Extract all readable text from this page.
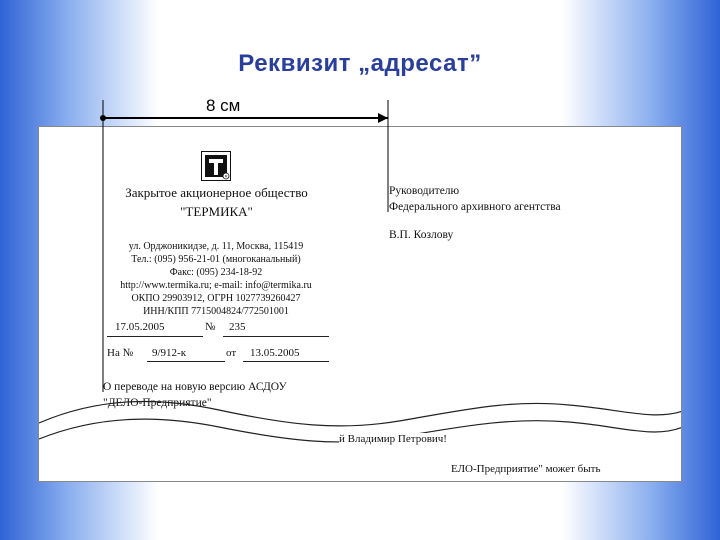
Реквизит „адресат”
R
Закрытое акционерное общество
"ТЕРМИКА"
ул. Орджоникидзе, д. 11, Москва, 115419
Тел.: (095) 956-21-01 (многоканальный)
Факс: (095) 234-18-92
http://www.termika.ru; e-mail: info@termika.ru
ОКПО 29903912, ОГРН 1027739260427
ИНН/КПП 7715004824/772501001
17.05.2005	№ 235
На № 9/912-к	от 13.05.2005
Руководителю
Федерального архивного агентства
В.П. Козлову
О переводе на новую версию АСДОУ
"ДЕЛО-Предприятие"
й Владимир Петрович!
ЕЛО-Предприятие" может быть
8 см
